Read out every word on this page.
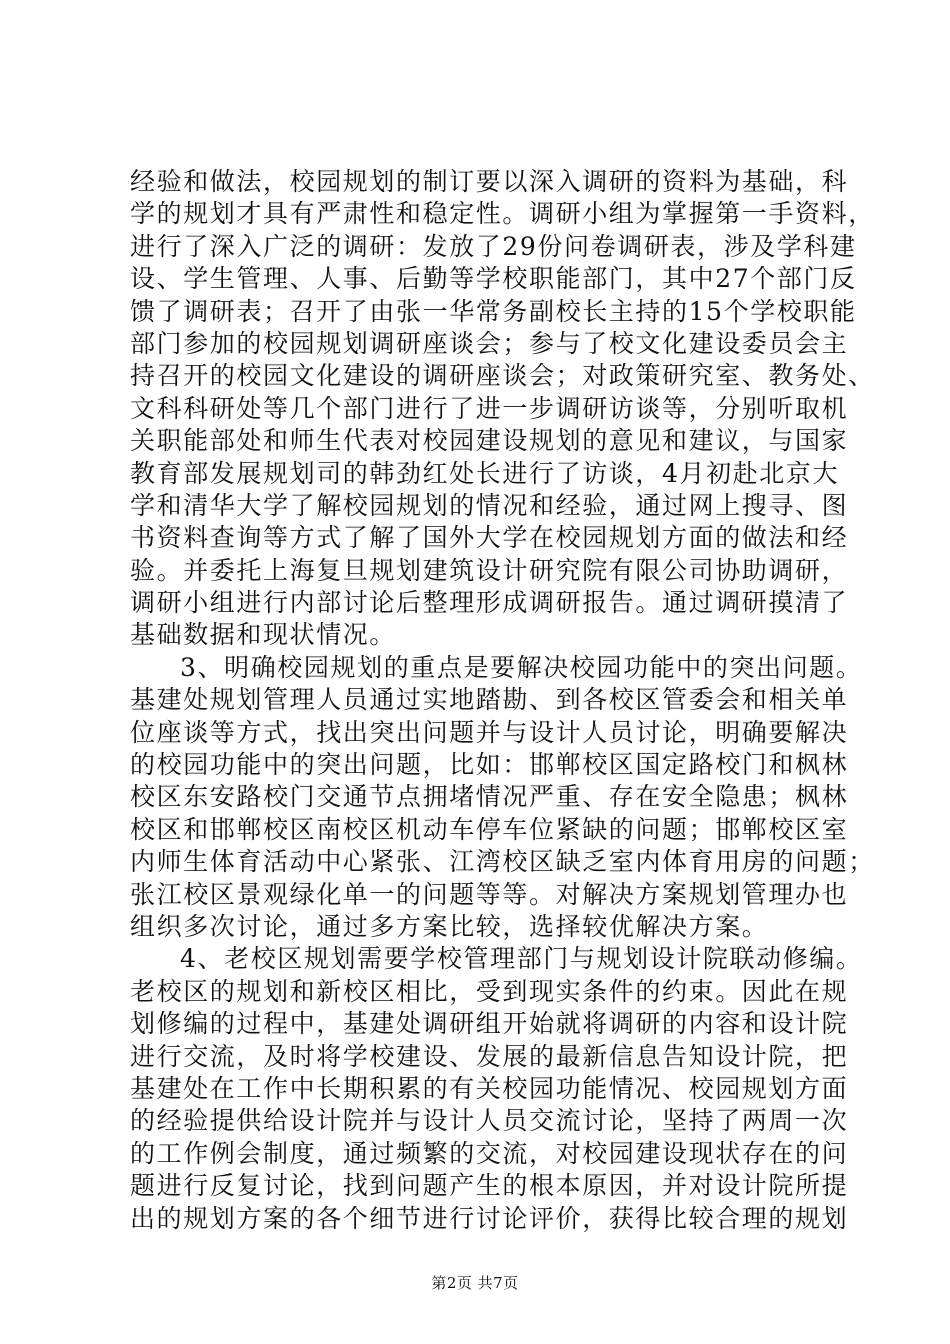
经验和做法，校园规划的制订要以深入调研的资料为基础，科
学的规划才具有严肃性和稳定性。调研小组为掌握第一手资料，
进行了深入广泛的调研：发放了29份问卷调研表，涉及学科建
设、学生管理、人事、后勤等学校职能部门，其中27个部门反
馈了调研表；召开了由张一华常务副校长主持的15个学校职能
部门参加的校园规划调研座谈会；参与了校文化建设委员会主
持召开的校园文化建设的调研座谈会；对政策研究室、教务处、
文科科研处等几个部门进行了进一步调研访谈等，分别听取机
关职能部处和师生代表对校园建设规划的意见和建议，与国家
教育部发展规划司的韩劲红处长进行了访谈，4月初赴北京大
学和清华大学了解校园规划的情况和经验，通过网上搜寻、图
书资料查询等方式了解了国外大学在校园规划方面的做法和经
验。并委托上海复旦规划建筑设计研究院有限公司协助调研，
调研小组进行内部讨论后整理形成调研报告。通过调研摸清了
基础数据和现状情况。
3、明确校园规划的重点是要解决校园功能中的突出问题。
基建处规划管理人员通过实地踏勘、到各校区管委会和相关单
位座谈等方式，找出突出问题并与设计人员讨论，明确要解决
的校园功能中的突出问题，比如：邯郸校区国定路校门和枫林
校区东安路校门交通节点拥堵情况严重、存在安全隐患；枫林
校区和邯郸校区南校区机动车停车位紧缺的问题；邯郸校区室
内师生体育活动中心紧张、江湾校区缺乏室内体育用房的问题；
张江校区景观绿化单一的问题等等。对解决方案规划管理办也
组织多次讨论，通过多方案比较，选择较优解决方案。
4、老校区规划需要学校管理部门与规划设计院联动修编。
老校区的规划和新校区相比，受到现实条件的约束。因此在规
划修编的过程中，基建处调研组开始就将调研的内容和设计院
进行交流，及时将学校建设、发展的最新信息告知设计院，把
基建处在工作中长期积累的有关校园功能情况、校园规划方面
的经验提供给设计院并与设计人员交流讨论，坚持了两周一次
的工作例会制度，通过频繁的交流，对校园建设现状存在的问
题进行反复讨论，找到问题产生的根本原因，并对设计院所提
出的规划方案的各个细节进行讨论评价，获得比较合理的规划
第2页 共7页
